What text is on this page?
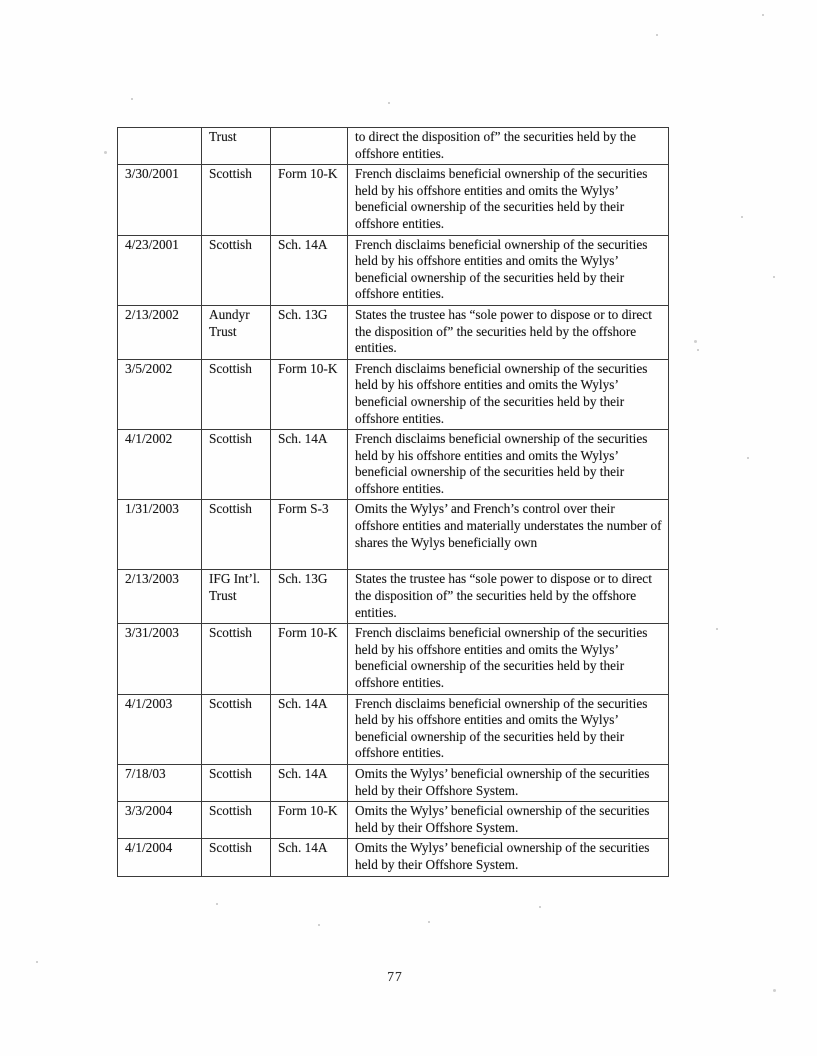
	Trust		to direct the disposition of” the securities held by the offshore entities.
3/30/2001	Scottish	Form 10-K	French disclaims beneficial ownership of the securities held by his offshore entities and omits the Wylys’ beneficial ownership of the securities held by their offshore entities.
4/23/2001	Scottish	Sch. 14A	French disclaims beneficial ownership of the securities held by his offshore entities and omits the Wylys’ beneficial ownership of the securities held by their offshore entities.
2/13/2002	Aundyr Trust	Sch. 13G	States the trustee has “sole power to dispose or to direct the disposition of” the securities held by the offshore entities.
3/5/2002	Scottish	Form 10-K	French disclaims beneficial ownership of the securities held by his offshore entities and omits the Wylys’ beneficial ownership of the securities held by their offshore entities.
4/1/2002	Scottish	Sch. 14A	French disclaims beneficial ownership of the securities held by his offshore entities and omits the Wylys’ beneficial ownership of the securities held by their offshore entities.
1/31/2003	Scottish	Form S-3	Omits the Wylys’ and French’s control over their offshore entities and materially understates the number of shares the Wylys beneficially own
2/13/2003	IFG Int’l. Trust	Sch. 13G	States the trustee has “sole power to dispose or to direct the disposition of” the securities held by the offshore entities.
3/31/2003	Scottish	Form 10-K	French disclaims beneficial ownership of the securities held by his offshore entities and omits the Wylys’ beneficial ownership of the securities held by their offshore entities.
4/1/2003	Scottish	Sch. 14A	French disclaims beneficial ownership of the securities held by his offshore entities and omits the Wylys’ beneficial ownership of the securities held by their offshore entities.
7/18/03	Scottish	Sch. 14A	Omits the Wylys’ beneficial ownership of the securities held by their Offshore System.
3/3/2004	Scottish	Form 10-K	Omits the Wylys’ beneficial ownership of the securities held by their Offshore System.
4/1/2004	Scottish	Sch. 14A	Omits the Wylys’ beneficial ownership of the securities held by their Offshore System.
77
